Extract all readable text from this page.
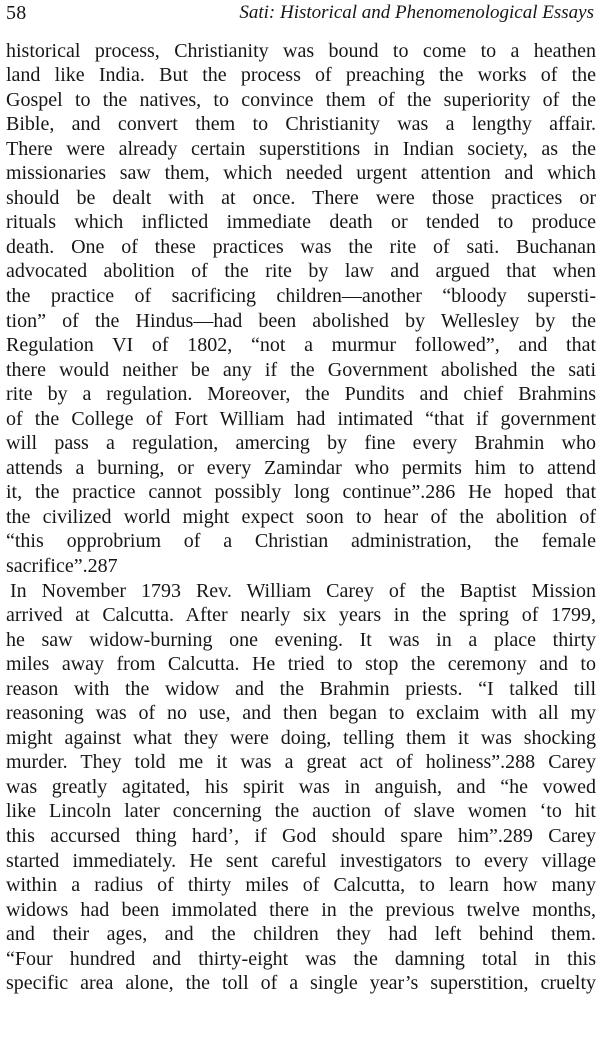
58	Sati: Historical and Phenomenological Essays
historical process, Christianity was bound to come to a heathen
land like India. But the process of preaching the works of the
Gospel to the natives, to convince them of the superiority of the
Bible, and convert them to Christianity was a lengthy affair.
There were already certain superstitions in Indian society, as the
missionaries saw them, which needed urgent attention and which
should be dealt with at once. There were those practices or
rituals which inflicted immediate death or tended to produce
death. One of these practices was the rite of sati. Buchanan
advocated abolition of the rite by law and argued that when
the practice of sacrificing children—another “bloody supersti-
tion” of the Hindus—had been abolished by Wellesley by the
Regulation VI of 1802, “not a murmur followed”, and that
there would neither be any if the Government abolished the sati
rite by a regulation. Moreover, the Pundits and chief Brahmins
of the College of Fort William had intimated “that if government
will pass a regulation, amercing by fine every Brahmin who
attends a burning, or every Zamindar who permits him to attend
it, the practice cannot possibly long continue”.286 He hoped that
the civilized world might expect soon to hear of the abolition of
“this opprobrium of a Christian administration, the female
sacrifice”.287
In November 1793 Rev. William Carey of the Baptist Mission
arrived at Calcutta. After nearly six years in the spring of 1799,
he saw widow-burning one evening. It was in a place thirty
miles away from Calcutta. He tried to stop the ceremony and to
reason with the widow and the Brahmin priests. “I talked till
reasoning was of no use, and then began to exclaim with all my
might against what they were doing, telling them it was shocking
murder. They told me it was a great act of holiness”.288 Carey
was greatly agitated, his spirit was in anguish, and “he vowed
like Lincoln later concerning the auction of slave women ‘to hit
this accursed thing hard’, if God should spare him”.289 Carey
started immediately. He sent careful investigators to every village
within a radius of thirty miles of Calcutta, to learn how many
widows had been immolated there in the previous twelve months,
and their ages, and the children they had left behind them.
“Four hundred and thirty-eight was the damning total in this
specific area alone, the toll of a single year’s superstition, cruelty
